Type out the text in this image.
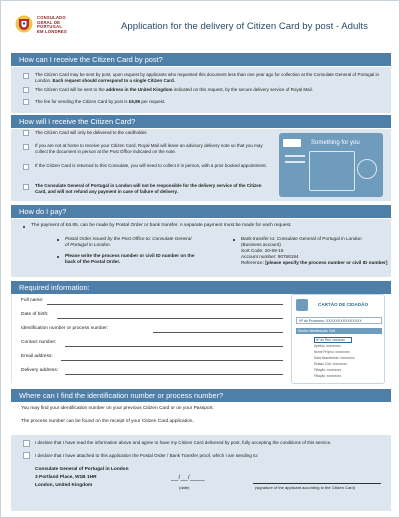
CONSULADO
GERAL DE
PORTUGAL
EM LONDRES	Application for the delivery of Citizen Card by post - Adults
How can I receive the Citizen Card by post?
The Citizen Card may be sent by post, upon request by applicants who requested this document less than one year ago for collection at the Consulate General of Portugal in London. Each request should correspond to a single Citizen Card.
The Citizen Card will be sent to the address in the United Kingdom indicated on this request, by the secure delivery service of Royal Mail.
The fee for sending the Citizen Card by post is £6,85 per request.
How will I receive the Citizen Card?
The Citizen Card will only be delivered to the cardholder.
If you are not at home to receive your Citizen Card, Royal Mail will leave an advisory delivery note so that you may collect the document in person at the Post Office indicated on the note.
If the Citizen Card is returned to this Consulate, you will need to collect it in person, with a prior booked appointment.
The Consulate General of Portugal in London will not be responsible for the delivery service of the Citizen Card, and will not refund any payment in case of failure of delivery.
Something for you
How do I pay?
The payment of £6.85, can be made by Postal Order or bank transfer. A separate payment must be made for each request.
Postal Order issued by the Post Office to: Consulate General
of Portugal in London.
Please write the process number or civil ID number on the
back of the Postal Order.
Bank transfer to: Consulate General of Portugal in London
(Business account)
Sort Code: 20-69-15
Account number: 90766194
Reference: [please specify the process number or civil ID number]
Required information:
Full name:
Date of birth:
Identification number or process number:
Contact number:
Email address:
Delivery address:
CARTÃO DE CIDADÃO
Nº do Processo: XXXXXXXXXXXXXXX
Senha Identificação Civil
Nº do Ped: xxxxxxxx
Apelido: xxxxxxxxx
Nome Próprio: xxxxxxxxx
Data Nascimento: xxxxxxxxx
Estado Civil: xxxxxxxxx
Filiação: xxxxxxxxx
Filiação: xxxxxxxxx
Where can I find the identification number or process number?
You may find your identification number on your previous Citizen Card or on your Passport.
The process number can be found on the receipt of your Citizen Card application.
I declare that I have read the information above and agree to have my Citizen Card delivered by post, fully accepting the conditions of this service.
I declare that I have attached to this application the Postal Order / Bank Transfer proof, which I am sending to:
Consulate General of Portugal in London
3 Portland Place, W1B 1HR
London, United Kingdom
__/__/____
(date)	(signature of the applicant according to the Citizen Card)
